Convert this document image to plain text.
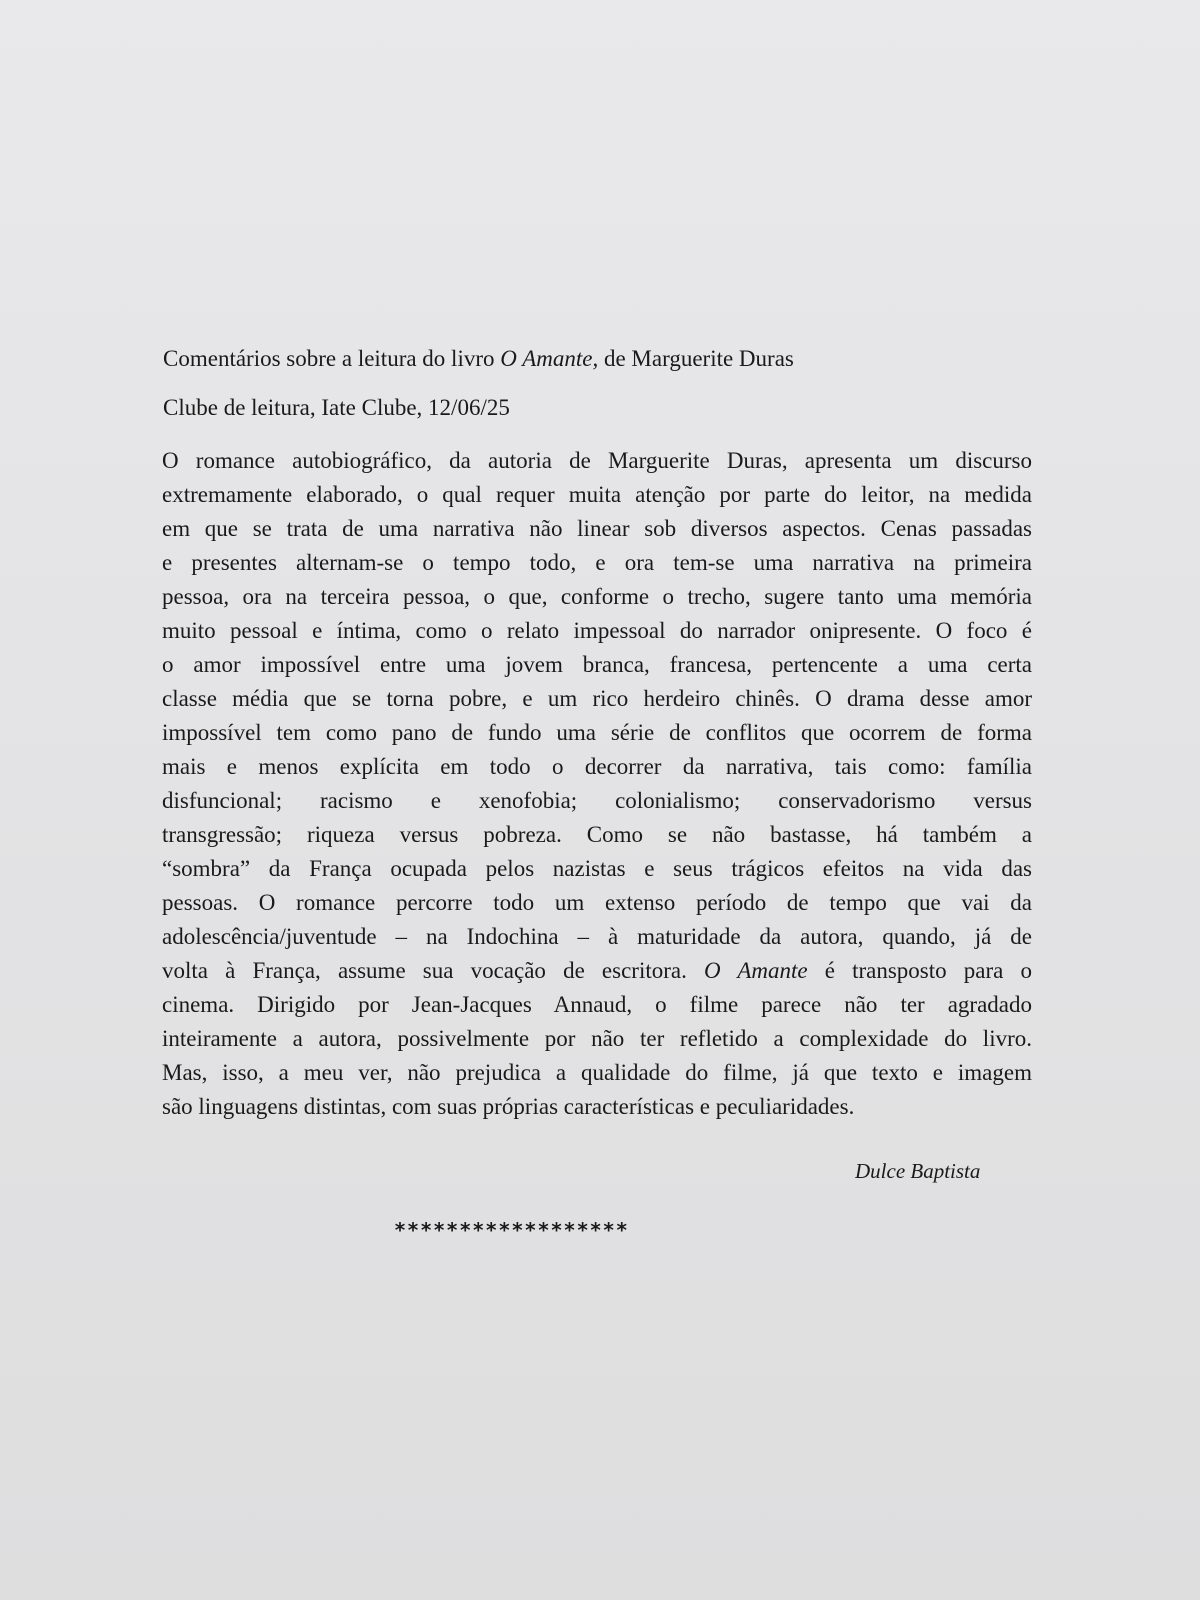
Comentários sobre a leitura do livro O Amante, de Marguerite Duras
Clube de leitura, Iate Clube, 12/06/25
O romance autobiográfico, da autoria de Marguerite Duras, apresenta um discurso
extremamente elaborado, o qual requer muita atenção por parte do leitor, na medida
em que se trata de uma narrativa não linear sob diversos aspectos. Cenas passadas
e presentes alternam-se o tempo todo, e ora tem-se uma narrativa na primeira
pessoa, ora na terceira pessoa, o que, conforme o trecho, sugere tanto uma memória
muito pessoal e íntima, como o relato impessoal do narrador onipresente. O foco é
o amor impossível entre uma jovem branca, francesa, pertencente a uma certa
classe média que se torna pobre, e um rico herdeiro chinês. O drama desse amor
impossível tem como pano de fundo uma série de conflitos que ocorrem de forma
mais e menos explícita em todo o decorrer da narrativa, tais como: família
disfuncional; racismo e xenofobia; colonialismo; conservadorismo versus
transgressão; riqueza versus pobreza. Como se não bastasse, há também a
“sombra” da França ocupada pelos nazistas e seus trágicos efeitos na vida das
pessoas. O romance percorre todo um extenso período de tempo que vai da
adolescência/juventude – na Indochina – à maturidade da autora, quando, já de
volta à França, assume sua vocação de escritora. O Amante é transposto para o
cinema. Dirigido por Jean-Jacques Annaud, o filme parece não ter agradado
inteiramente a autora, possivelmente por não ter refletido a complexidade do livro.
Mas, isso, a meu ver, não prejudica a qualidade do filme, já que texto e imagem
são linguagens distintas, com suas próprias características e peculiaridades.
Dulce Baptista
******************
